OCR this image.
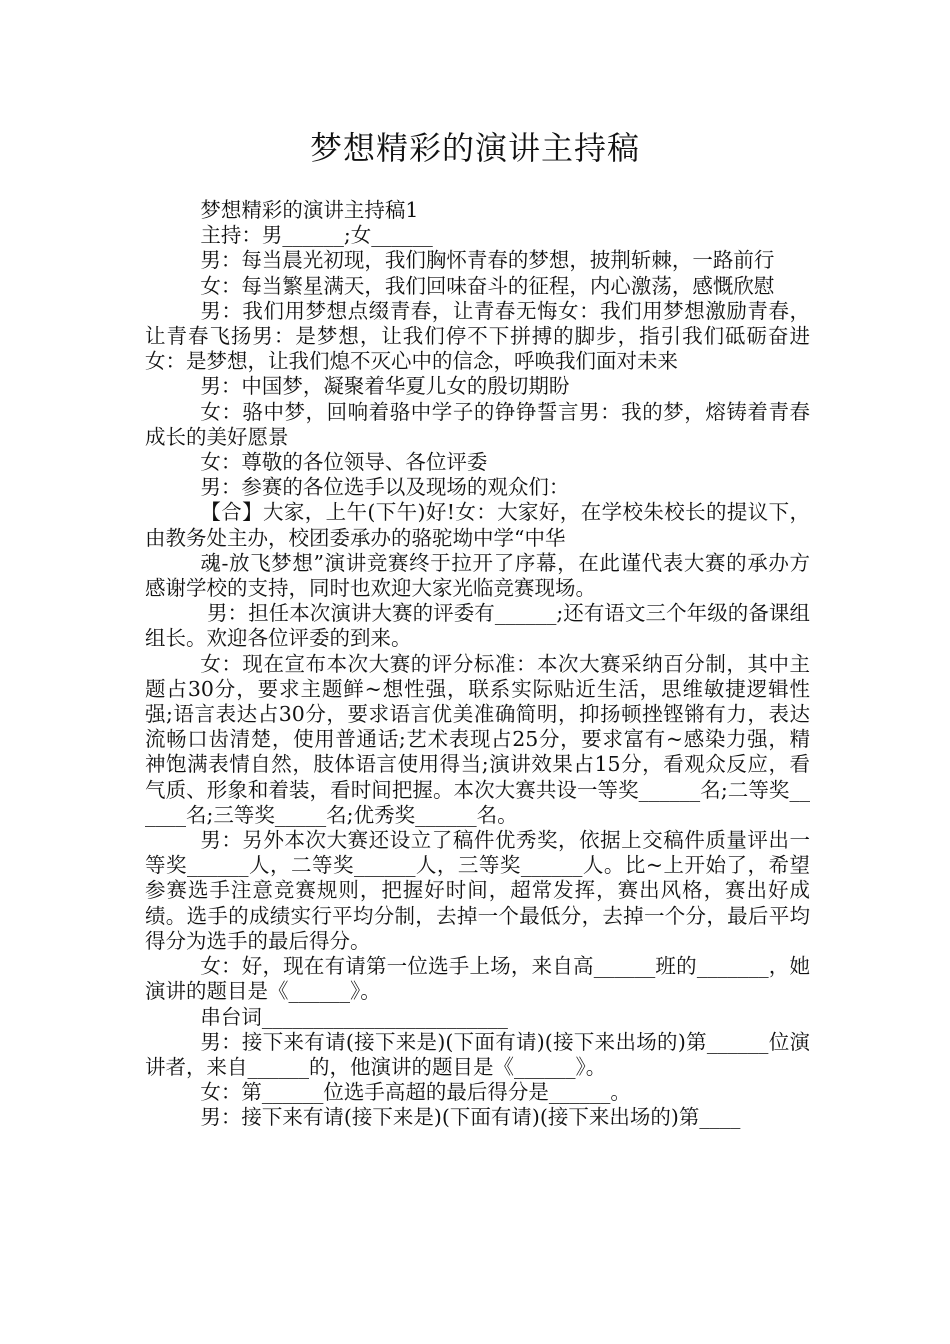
梦想精彩的演讲主持稿

梦想精彩的演讲主持稿1

主持：男______;女______

男：每当晨光初现，我们胸怀青春的梦想，披荆斩棘，一路前行

女：每当繁星满天，我们回味奋斗的征程，内心激荡，感慨欣慰

男：我们用梦想点缀青春，让青春无悔女：我们用梦想激励青春，让青春飞扬男：是梦想，让我们停不下拼搏的脚步，指引我们砥砺奋进女：是梦想，让我们熄不灭心中的信念，呼唤我们面对未来

男：中国梦，凝聚着华夏儿女的殷切期盼

女：骆中梦，回响着骆中学子的铮铮誓言男：我的梦，熔铸着青春成长的美好愿景

女：尊敬的各位领导、各位评委

男：参赛的各位选手以及现场的观众们：

【合】大家，上午(下午)好!女：大家好，在学校朱校长的提议下，由教务处主办，校团委承办的骆驼坳中学“中华

魂-放飞梦想”演讲竞赛终于拉开了序幕，在此谨代表大赛的承办方感谢学校的支持，同时也欢迎大家光临竞赛现场。

男：担任本次演讲大赛的评委有______;还有语文三个年级的备课组组长。欢迎各位评委的到来。

女：现在宣布本次大赛的评分标准：本次大赛采纳百分制，其中主题占30分，要求主题鲜~想性强，联系实际贴近生活，思维敏捷逻辑性强;语言表达占30分，要求语言优美准确简明，抑扬顿挫铿锵有力，表达流畅口齿清楚，使用普通话;艺术表现占25分，要求富有~感染力强，精神饱满表情自然，肢体语言使用得当;演讲效果占15分，看观众反应，看气质、形象和着装，看时间把握。本次大赛共设一等奖______名;二等奖______名;三等奖_____名;优秀奖______名。

男：另外本次大赛还设立了稿件优秀奖，依据上交稿件质量评出一等奖______人，二等奖______人，三等奖______人。比~上开始了，希望参赛选手注意竞赛规则，把握好时间，超常发挥，赛出风格，赛出好成绩。选手的成绩实行平均分制，去掉一个最低分，去掉一个分，最后平均得分为选手的最后得分。

女：好，现在有请第一位选手上场，来自高______班的_______，她演讲的题目是《______》。

串台词________________________

男：接下来有请(接下来是)(下面有请)(接下来出场的)第______位演讲者，来自______的，他演讲的题目是《______》。

女：第______位选手高超的最后得分是______。

男：接下来有请(接下来是)(下面有请)(接下来出场的)第____
